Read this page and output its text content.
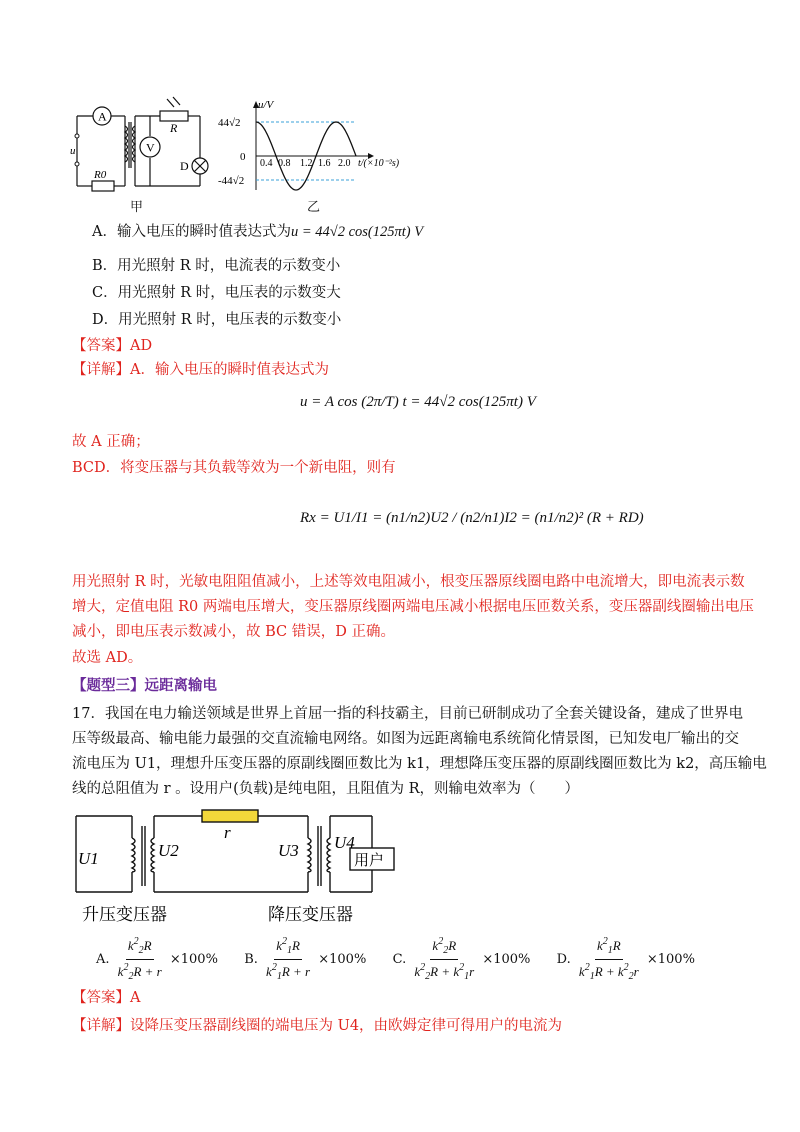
A
V
R
R0
D
u
甲
u/V
44√2
0
-44√2
0.4 0.8 1.2 1.6 2.0 t/(×10⁻²s)
乙
A．输入电压的瞬时值表达式为u = 44√2 cos(125πt) V
B．用光照射 R 时，电流表的示数变小
C．用光照射 R 时，电压表的示数变大
D．用光照射 R 时，电压表的示数变小
【答案】AD
【详解】A．输入电压的瞬时值表达式为
u = A cos (2π/T) t = 44√2 cos(125πt) V
故 A 正确；
BCD．将变压器与其负载等效为一个新电阻，则有
Rx = U1/I1 = (n1/n2)U2 / (n2/n1)I2 = (n1/n2)² (R + RD)
用光照射 R 时，光敏电阻阻值减小，上述等效电阻减小，根变压器原线圈电路中电流增大，即电流表示数
增大，定值电阻 R0 两端电压增大，变压器原线圈两端电压减小根据电压匝数关系，变压器副线圈输出电压
减小，即电压表示数减小，故 BC 错误，D 正确。
故选 AD。
【题型三】远距离输电
17．我国在电力输送领域是世界上首屈一指的科技霸主，目前已研制成功了全套关键设备，建成了世界电
压等级最高、输电能力最强的交直流输电网络。如图为远距离输电系统简化情景图，已知发电厂输出的交
流电压为 U1，理想升压变压器的原副线圈匝数比为 k1，理想降压变压器的原副线圈匝数比为 k2，高压输电
线的总阻值为 r 。设用户(负载)是纯电阻，且阻值为 R，则输电效率为（　　）
r
U1	U2	U3 U4
用户
升压变压器	降压变压器
A. $\frac{k^2_2R}{k^2_2R + r} \times 100\%$ B. $\frac{k^2_1R}{k^2_1R + r} \times 100\%$ C. $\frac{k^2_2R}{k^2_2R + k^2_1r} \times 100\%$ D. $\frac{k^2_1R}{k^2_1R + k^2_2r} \times 100\%$
【答案】A
【详解】设降压变压器副线圈的端电压为 U4，由欧姆定律可得用户的电流为
